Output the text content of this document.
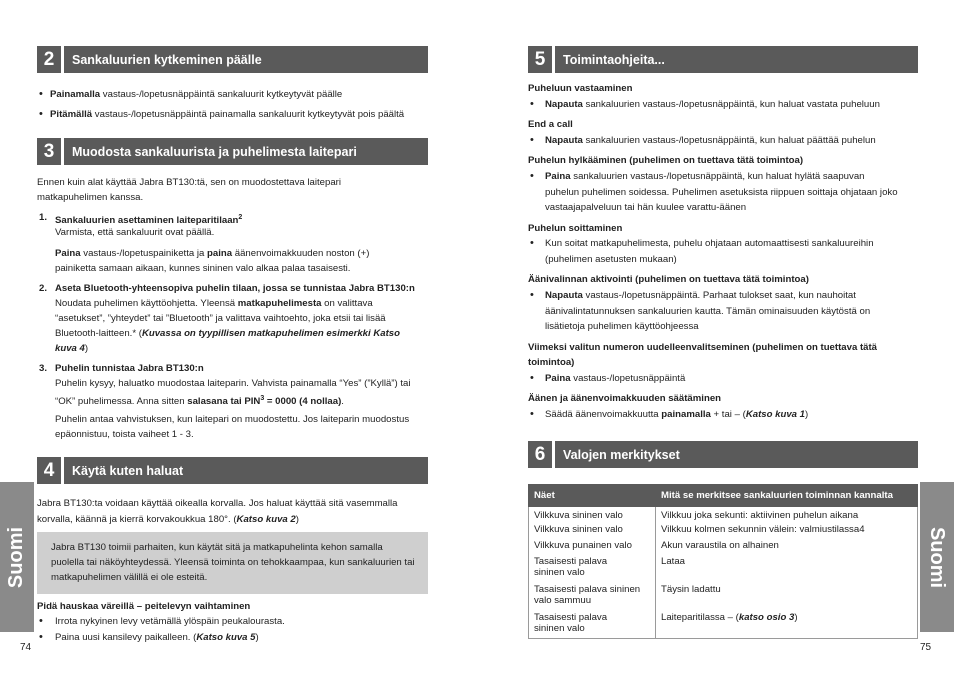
2	Sankaluurien kytkeminen päälle
• Painamalla vastaus-/lopetusnäppäintä sankaluurit kytkeytyvät päälle
• Pitämällä vastaus-/lopetusnäppäintä painamalla sankaluurit kytkeytyvät pois päältä
3	Muodosta sankaluurista ja puhelimesta laitepari
Ennen kuin alat käyttää Jabra BT130:tä, sen on muodostettava laitepari
matkapuhelimen kanssa.
1. Sankaluurien asettaminen laiteparitilaan$^2$
Varmista, että sankaluurit ovat päällä.
Paina vastaus-/lopetuspainiketta ja paina äänenvoimakkuuden noston (+)
painiketta samaan aikaan, kunnes sininen valo alkaa palaa tasaisesti.
2. Aseta Bluetooth-yhteensopiva puhelin tilaan, jossa se tunnistaa Jabra BT130:n
Noudata puhelimen käyttöohjetta. Yleensä matkapuhelimesta on valittava
“asetukset”, ”yhteydet” tai ”Bluetooth” ja valittava vaihtoehto, joka etsii tai lisää
Bluetooth-laitteen.* (Kuvassa on tyypillisen matkapuhelimen esimerkki Katso
kuva 4)
3. Puhelin tunnistaa Jabra BT130:n
Puhelin kysyy, haluatko muodostaa laiteparin. Vahvista painamalla “Yes” (”Kyllä”) tai
“OK” puhelimessa. Anna sitten salasana tai $PIN^3 = 0000$ (4 nollaa).
Puhelin antaa vahvistuksen, kun laitepari on muodostettu. Jos laiteparin muodostus
epäonnistuu, toista vaiheet 1 - 3.
4	Käytä kuten haluat
Jabra BT130:ta voidaan käyttää oikealla korvalla. Jos haluat käyttää sitä vasemmalla
korvalla, käännä ja kierrä korvakoukkua 180°. (Katso kuva 2)
Jabra BT130 toimii parhaiten, kun käytät sitä ja matkapuhelinta kehon samalla
puolella tai näköyhteydessä. Yleensä toiminta on tehokkaampaa, kun sankaluurien tai
matkapuhelimen välillä ei ole esteitä.
Pidä hauskaa väreillä – peitelevyn vaihtaminen
• Irrota nykyinen levy vetämällä ylöspäin peukalourasta.
• Paina uusi kansilevy paikalleen. (Katso kuva 5)
Suomi
74
5	Toimintaohjeita...
Puheluun vastaaminen
• Napauta sankaluurien vastaus-/lopetusnäppäintä, kun haluat vastata puheluun
End a call
• Napauta sankaluurien vastaus-/lopetusnäppäintä, kun haluat päättää puhelun
Puhelun hylkääminen (puhelimen on tuettava tätä toimintoa)
• Paina sankaluurien vastaus-/lopetusnäppäintä, kun haluat hylätä saapuvan
puhelun puhelimen soidessa. Puhelimen asetuksista riippuen soittaja ohjataan joko
vastaajapalveluun tai hän kuulee varattu-äänen
Puhelun soittaminen
• Kun soitat matkapuhelimesta, puhelu ohjataan automaattisesti sankaluureihin
(puhelimen asetusten mukaan)
Äänivalinnan aktivointi (puhelimen on tuettava tätä toimintoa)
• Napauta vastaus-/lopetusnäppäintä. Parhaat tulokset saat, kun nauhoitat
äänivalintatunnuksen sankaluurien kautta. Tämän ominaisuuden käytöstä on
lisätietoja puhelimen käyttöohjeessa
Viimeksi valitun numeron uudelleenvalitseminen (puhelimen on tuettava tätä
toimintoa)
• Paina vastaus-/lopetusnäppäintä
Äänen ja äänenvoimakkuuden säätäminen
• Säädä äänenvoimakkuutta painamalla + tai – (Katso kuva 1)
6	Valojen merkitykset
Näet	Mitä se merkitsee sankaluurien toiminnan kannalta
Vilkkuva sininen valo	Vilkkuu joka sekunti: aktiivinen puhelun aikana
Vilkkuva sininen valo	Vilkkuu kolmen sekunnin välein: valmiustilassa4
Vilkkuva punainen valo	Akun varaustila on alhainen

Tasaisesti palava
sininen valo	Lataa

Tasaisesti palava sininen
valo sammuu	Täysin ladattu

Tasaisesti palava
sininen valo	Laiteparitilassa – (katso osio 3)
Suomi
75
